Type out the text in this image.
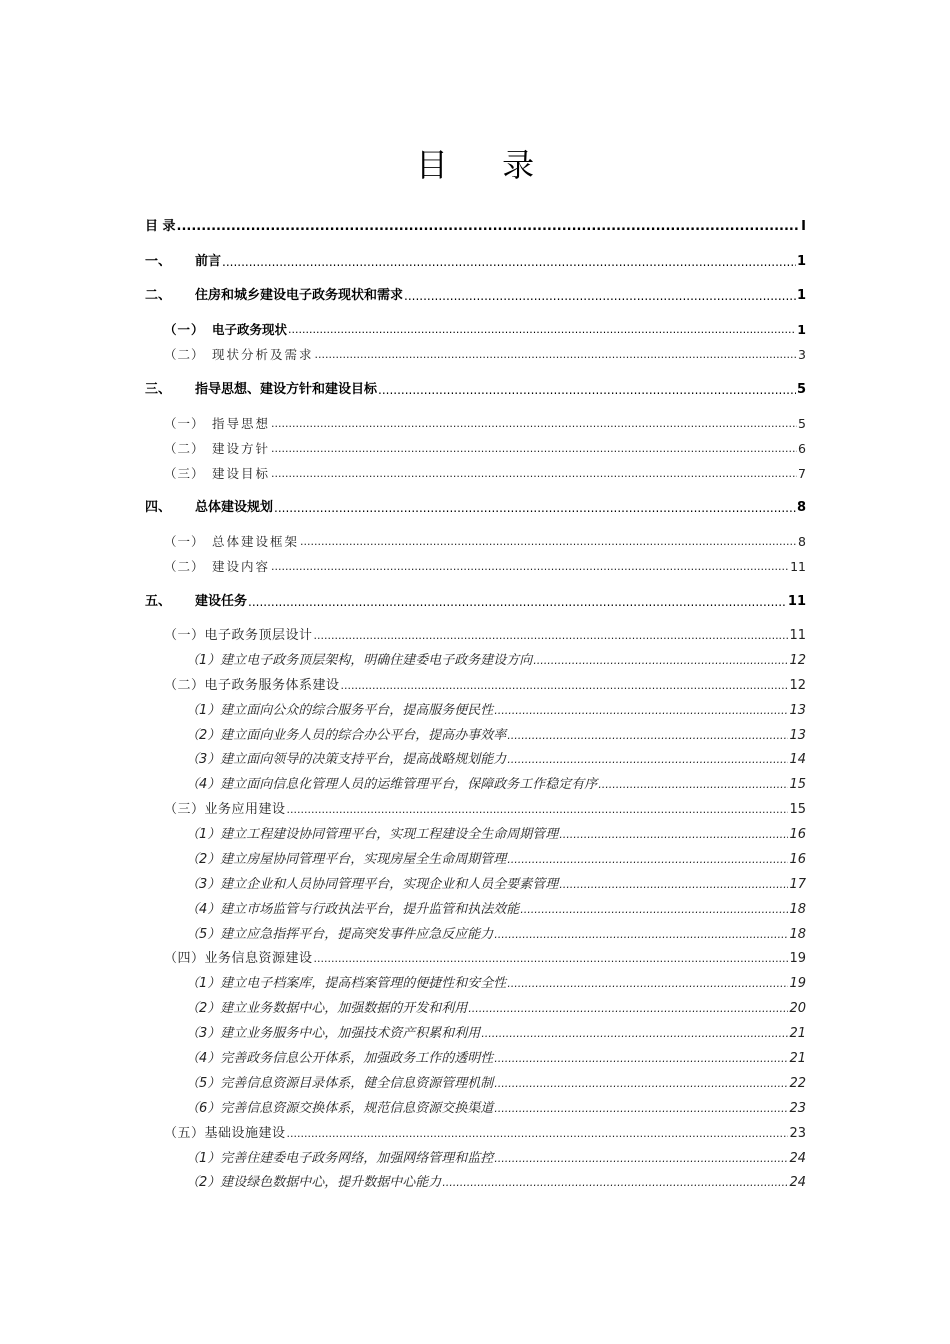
目 录
目 录 .....	I
一、	前言 .....	1
二、	住房和城乡建设电子政务现状和需求 .....	1
（一） 电子政务现状 .....	1
（二） 现状分析及需求 .....	3
三、	指导思想、建设方针和建设目标 .....	5
（一） 指导思想 .....	5
（二） 建设方针 .....	6
（三） 建设目标 .....	7
四、	总体建设规划 .....	8
（一） 总体建设框架 .....	8
（二） 建设内容 .....	11
五、	建设任务 .....	11
（一）电子政务顶层设计 .....	11
（1）建立电子政务顶层架构，明确住建委电子政务建设方向 .....	12
（二）电子政务服务体系建设 .....	12
（1）建立面向公众的综合服务平台，提高服务便民性 .....	13
（2）建立面向业务人员的综合办公平台，提高办事效率 .....	13
（3）建立面向领导的决策支持平台，提高战略规划能力 .....	14
（4）建立面向信息化管理人员的运维管理平台，保障政务工作稳定有序 .....	15
（三）业务应用建设 .....	15
（1）建立工程建设协同管理平台，实现工程建设全生命周期管理 .....	16
（2）建立房屋协同管理平台，实现房屋全生命周期管理 .....	16
（3）建立企业和人员协同管理平台，实现企业和人员全要素管理 .....	17
（4）建立市场监管与行政执法平台，提升监管和执法效能 .....	18
（5）建立应急指挥平台，提高突发事件应急反应能力 .....	18
（四）业务信息资源建设 .....	19
（1）建立电子档案库，提高档案管理的便捷性和安全性 .....	19
（2）建立业务数据中心，加强数据的开发和利用 .....	20
（3）建立业务服务中心，加强技术资产积累和利用 .....	21
（4）完善政务信息公开体系，加强政务工作的透明性 .....	21
（5）完善信息资源目录体系，健全信息资源管理机制 .....	22
（6）完善信息资源交换体系，规范信息资源交换渠道 .....	23
（五）基础设施建设 .....	23
（1）完善住建委电子政务网络，加强网络管理和监控 .....	24
（2）建设绿色数据中心，提升数据中心能力 .....	24
